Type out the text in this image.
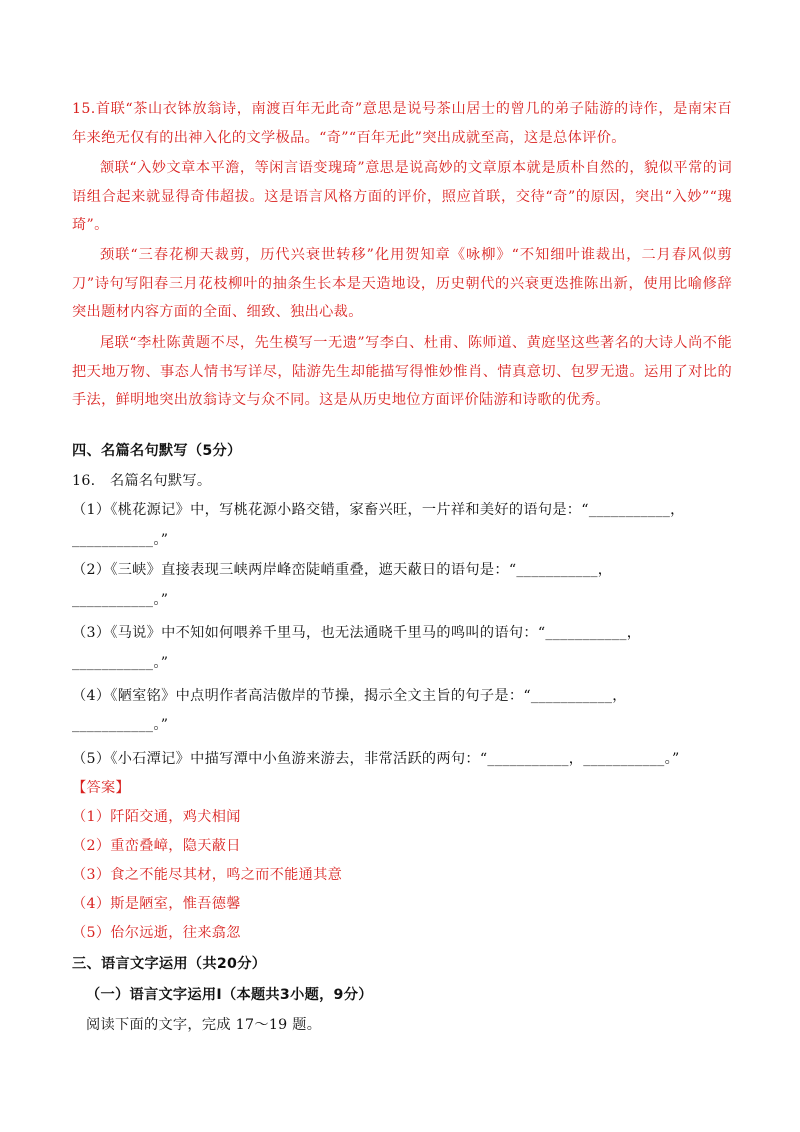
15.首联“茶山衣钵放翁诗，南渡百年无此奇”意思是说号茶山居士的曾几的弟子陆游的诗作，是南宋百年来绝无仅有的出神入化的文学极品。“奇”“百年无此”突出成就至高，这是总体评价。

颔联“入妙文章本平澹，等闲言语变瑰琦”意思是说高妙的文章原本就是质朴自然的，貌似平常的词语组合起来就显得奇伟超拔。这是语言风格方面的评价，照应首联，交待“奇”的原因，突出“入妙”“瑰琦”。

颈联“三春花柳天裁剪，历代兴衰世转移”化用贺知章《咏柳》“不知细叶谁裁出，二月春风似剪刀”诗句写阳春三月花枝柳叶的抽条生长本是天造地设，历史朝代的兴衰更迭推陈出新，使用比喻修辞突出题材内容方面的全面、细致、独出心裁。

尾联“李杜陈黄题不尽，先生模写一无遗”写李白、杜甫、陈师道、黄庭坚这些著名的大诗人尚不能把天地万物、事态人情书写详尽，陆游先生却能描写得惟妙惟肖、情真意切、包罗无遗。运用了对比的手法，鲜明地突出放翁诗文与众不同。这是从历史地位方面评价陆游和诗歌的优秀。

四、名篇名句默写（5分）

16.　名篇名句默写。

（1）《桃花源记》中，写桃花源小路交错，家畜兴旺，一片祥和美好的语句是：“___________，

___________。”

（2）《三峡》直接表现三峡两岸峰峦陡峭重叠，遮天蔽日的语句是：“___________，

___________。”

（3）《马说》中不知如何喂养千里马，也无法通晓千里马的鸣叫的语句：“___________，

___________。”

（4）《陋室铭》中点明作者高洁傲岸的节操，揭示全文主旨的句子是：“___________，

___________。”

（5）《小石潭记》中描写潭中小鱼游来游去，非常活跃的两句：“___________，___________。”

【答案】

（1）阡陌交通，鸡犬相闻

（2）重峦叠嶂，隐天蔽日

（3）食之不能尽其材，鸣之而不能通其意

（4）斯是陋室，惟吾德馨

（5）佁尔远逝，往来翕忽

三、语言文字运用（共20分）

（一）语言文字运用Ⅰ（本题共3小题，9分）

阅读下面的文字，完成 17～19 题。
